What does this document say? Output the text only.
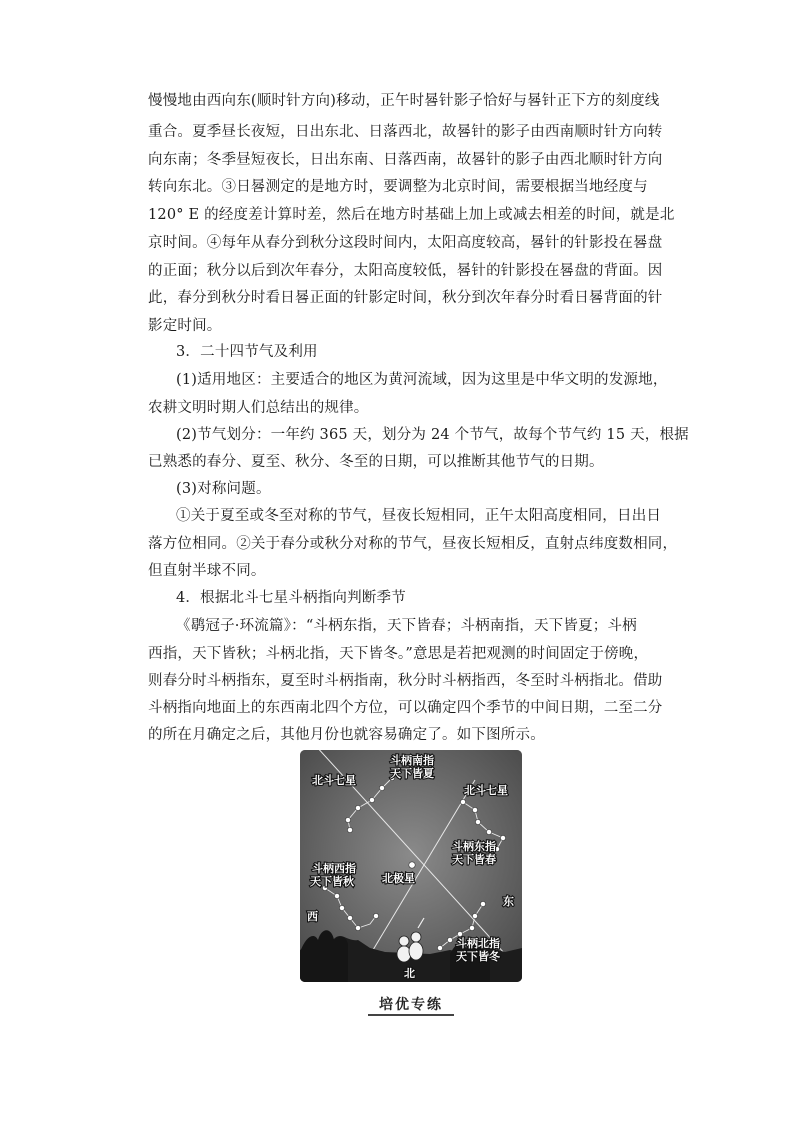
慢慢地由西向东(顺时针方向)移动，正午时晷针影子恰好与晷针正下方的刻度线
重合。夏季昼长夜短，日出东北、日落西北，故晷针的影子由西南顺时针方向转
向东南；冬季昼短夜长，日出东南、日落西南，故晷针的影子由西北顺时针方向
转向东北。③日晷测定的是地方时，要调整为北京时间，需要根据当地经度与
120° E 的经度差计算时差，然后在地方时基础上加上或减去相差的时间，就是北
京时间。④每年从春分到秋分这段时间内，太阳高度较高，晷针的针影投在晷盘
的正面；秋分以后到次年春分，太阳高度较低，晷针的针影投在晷盘的背面。因
此，春分到秋分时看日晷正面的针影定时间，秋分到次年春分时看日晷背面的针
影定时间。
3．二十四节气及利用
(1)适用地区：主要适合的地区为黄河流域，因为这里是中华文明的发源地，
农耕文明时期人们总结出的规律。
(2)节气划分：一年约 365 天，划分为 24 个节气，故每个节气约 15 天，根据
已熟悉的春分、夏至、秋分、冬至的日期，可以推断其他节气的日期。
(3)对称问题。
①关于夏至或冬至对称的节气，昼夜长短相同，正午太阳高度相同，日出日
落方位相同。②关于春分或秋分对称的节气，昼夜长短相反，直射点纬度数相同，
但直射半球不同。
4．根据北斗七星斗柄指向判断季节
《鹖冠子·环流篇》：“斗柄东指，天下皆春；斗柄南指，天下皆夏；斗柄
西指，天下皆秋；斗柄北指，天下皆冬。”意思是若把观测的时间固定于傍晚，
则春分时斗柄指东，夏至时斗柄指南，秋分时斗柄指西，冬至时斗柄指北。借助
斗柄指向地面上的东西南北四个方位，可以确定四个季节的中间日期，二至二分
的所在月确定之后，其他月份也就容易确定了。如下图所示。
斗柄南指
天下皆夏
北斗七星
北斗七星
斗柄东指
天下皆春
斗柄西指
天下皆秋	北极星
西
东
斗柄北指
天下皆冬
北
培优专练
